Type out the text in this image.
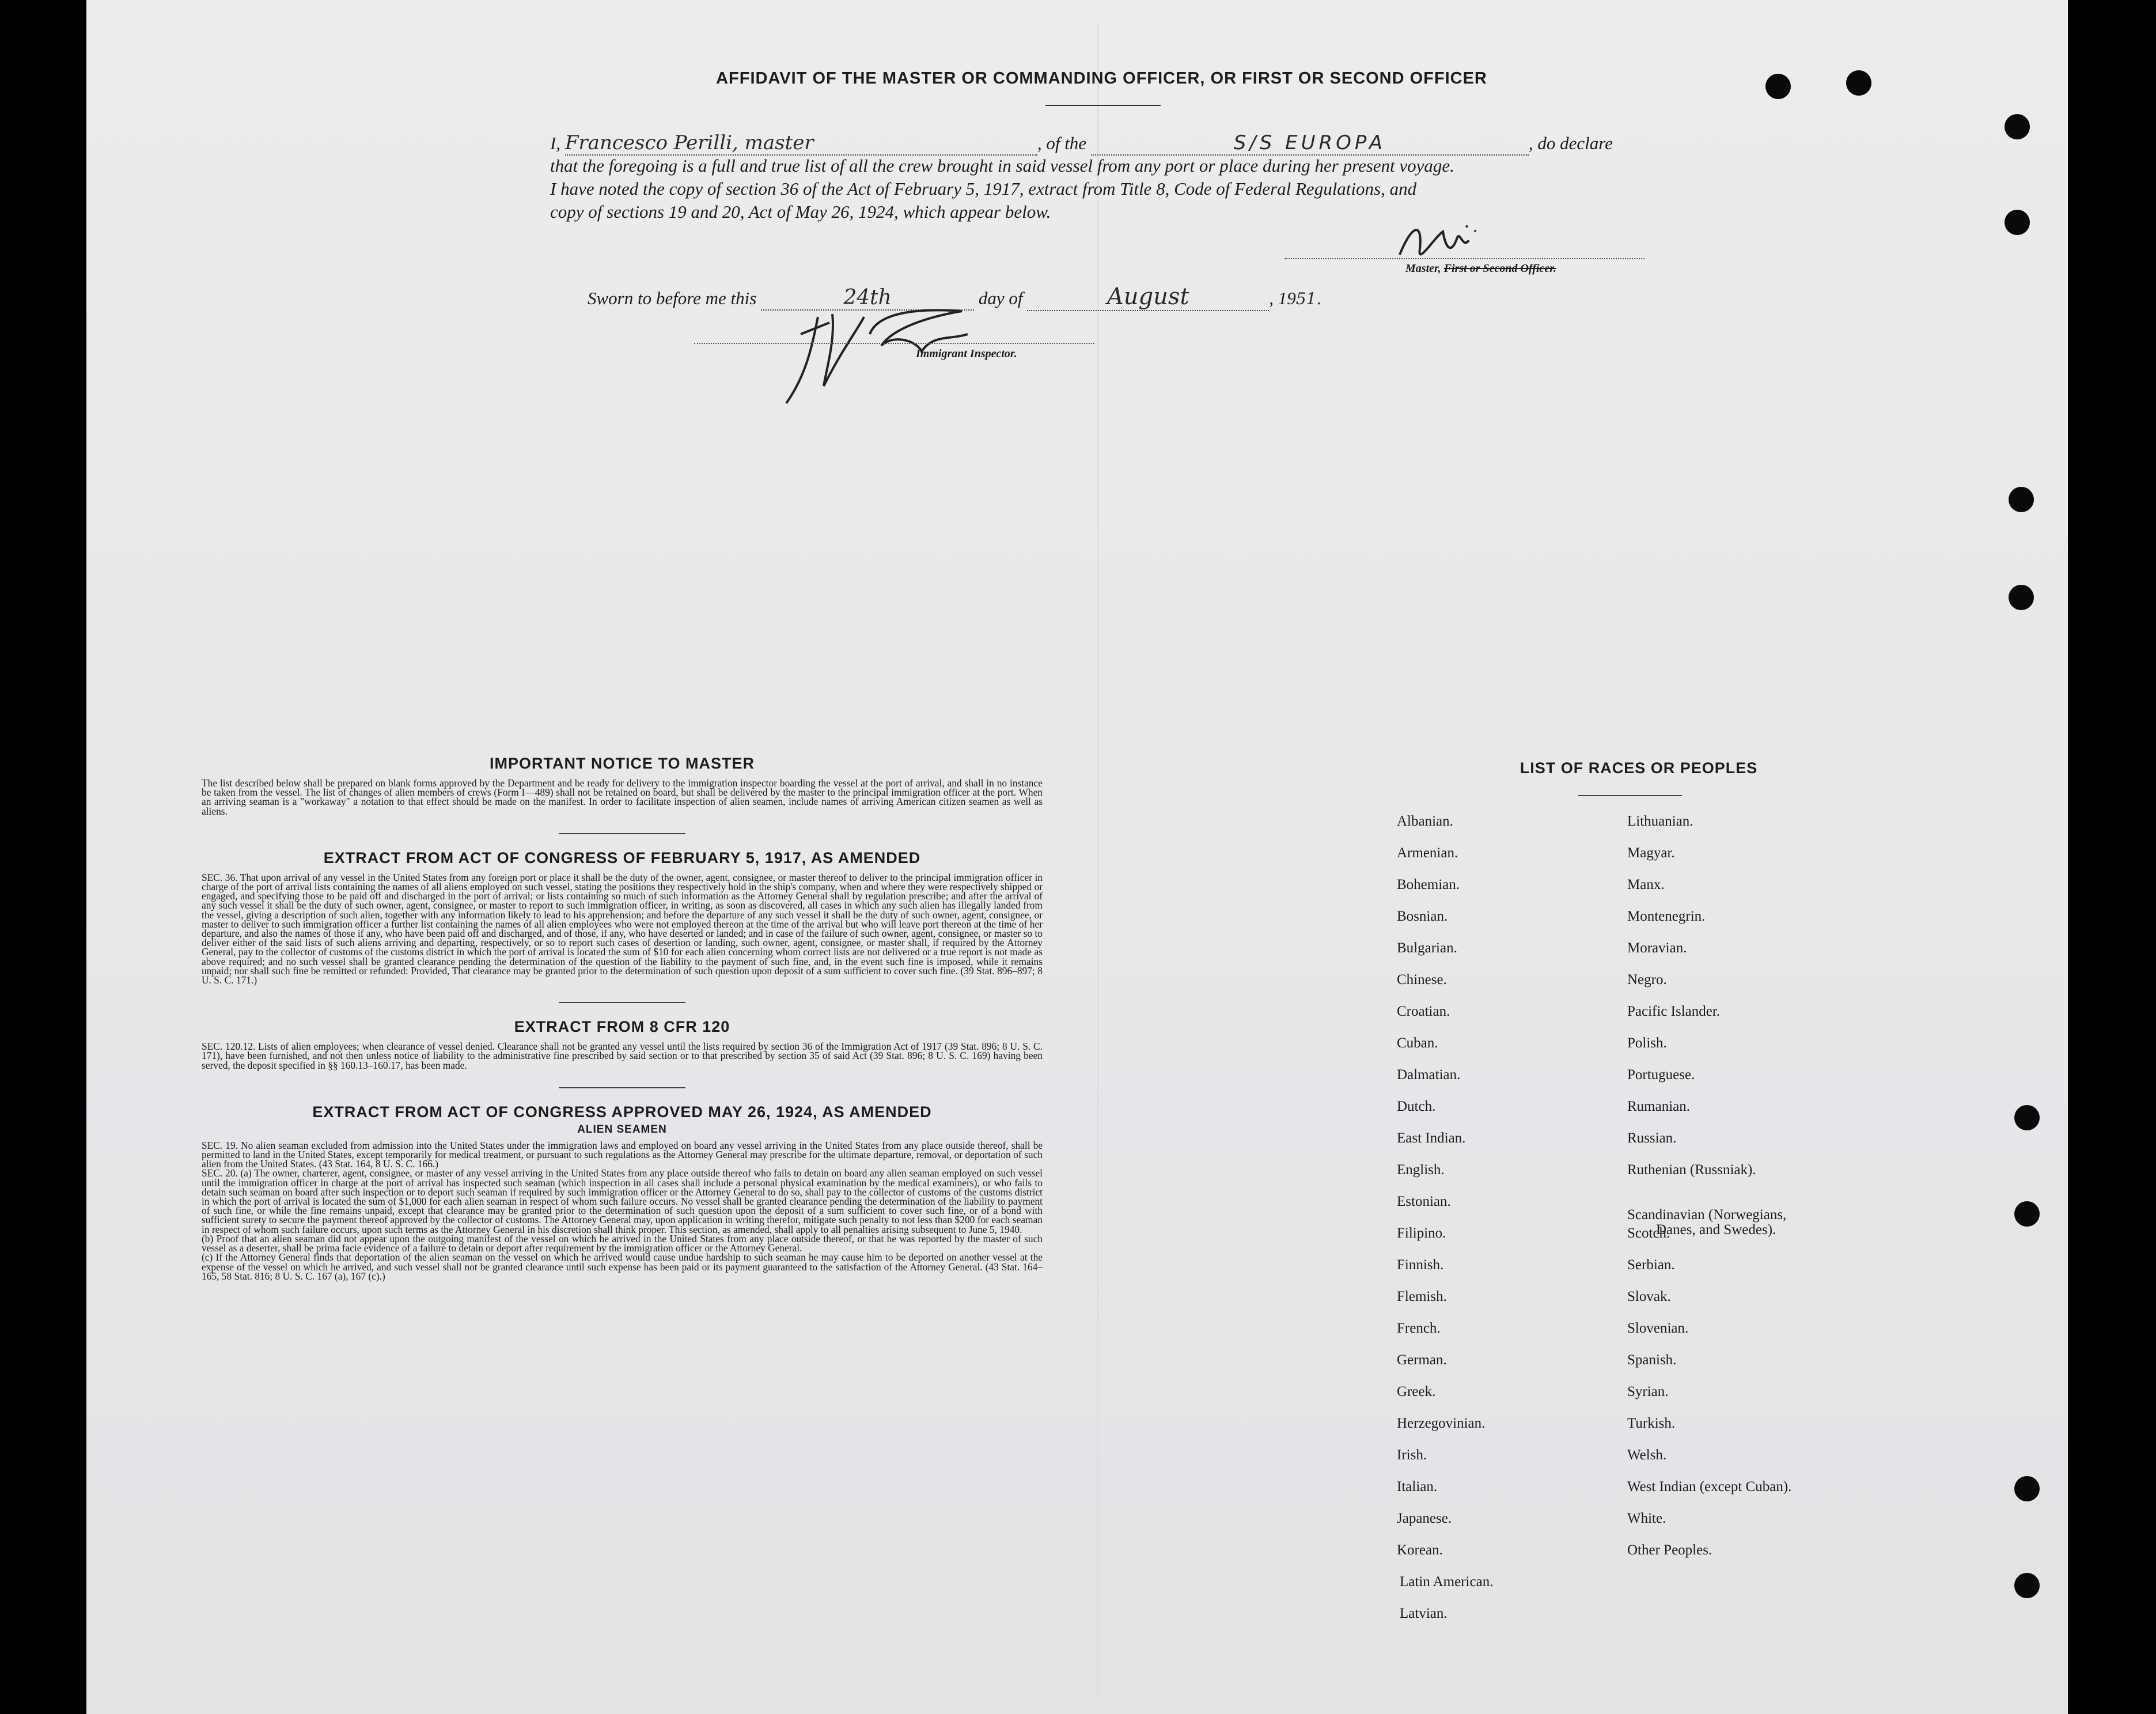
AFFIDAVIT OF THE MASTER OR COMMANDING OFFICER, OR FIRST OR SECOND OFFICER
I, Francesco Perilli, master	, of the	S/S EUROPA	, do declare
that the foregoing is a full and true list of all the crew brought in said vessel from any port or place during her present voyage.
I have noted the copy of section 36 of the Act of February 5, 1917, extract from Title 8, Code of Federal Regulations, and
copy of sections 19 and 20, Act of May 26, 1924, which appear below.
Master, First or Second Officer.
Sworn to before me this	24th	day of	August	, 1951.
Immigrant Inspector.
IMPORTANT NOTICE TO MASTER

The list described below shall be prepared on blank forms approved by the Department and be ready for delivery to the immigration inspector boarding the vessel at the port of arrival, and shall in no instance be taken from the vessel. The list of changes of alien members of crews (Form I—489) shall not be retained on board, but shall be delivered by the master to the principal immigration officer at the port. When an arriving seaman is a "workaway" a notation to that effect should be made on the manifest. In order to facilitate inspection of alien seamen, include names of arriving American citizen seamen as well as aliens.

EXTRACT FROM ACT OF CONGRESS OF FEBRUARY 5, 1917, AS AMENDED

SEC. 36. That upon arrival of any vessel in the United States from any foreign port or place it shall be the duty of the owner, agent, consignee, or master thereof to deliver to the principal immigration officer in charge of the port of arrival lists containing the names of all aliens employed on such vessel, stating the positions they respectively hold in the ship's company, when and where they were respectively shipped or engaged, and specifying those to be paid off and discharged in the port of arrival; or lists containing so much of such information as the Attorney General shall by regulation prescribe; and after the arrival of any such vessel it shall be the duty of such owner, agent, consignee, or master to report to such immigration officer, in writing, as soon as discovered, all cases in which any such alien has illegally landed from the vessel, giving a description of such alien, together with any information likely to lead to his apprehension; and before the departure of any such vessel it shall be the duty of such owner, agent, consignee, or master to deliver to such immigration officer a further list containing the names of all alien employees who were not employed thereon at the time of the arrival but who will leave port thereon at the time of her departure, and also the names of those if any, who have been paid off and discharged, and of those, if any, who have deserted or landed; and in case of the failure of such owner, agent, consignee, or master so to deliver either of the said lists of such aliens arriving and departing, respectively, or so to report such cases of desertion or landing, such owner, agent, consignee, or master shall, if required by the Attorney General, pay to the collector of customs of the customs district in which the port of arrival is located the sum of $10 for each alien concerning whom correct lists are not delivered or a true report is not made as above required; and no such vessel shall be granted clearance pending the determination of the question of the liability to the payment of such fine, and, in the event such fine is imposed, while it remains unpaid; nor shall such fine be remitted or refunded: Provided, That clearance may be granted prior to the determination of such question upon deposit of a sum sufficient to cover such fine. (39 Stat. 896–897; 8 U. S. C. 171.)

EXTRACT FROM 8 CFR 120

SEC. 120.12. Lists of alien employees; when clearance of vessel denied. Clearance shall not be granted any vessel until the lists required by section 36 of the Immigration Act of 1917 (39 Stat. 896; 8 U. S. C. 171), have been furnished, and not then unless notice of liability to the administrative fine prescribed by said section or to that prescribed by section 35 of said Act (39 Stat. 896; 8 U. S. C. 169) having been served, the deposit specified in §§ 160.13–160.17, has been made.

EXTRACT FROM ACT OF CONGRESS APPROVED MAY 26, 1924, AS AMENDED
ALIEN SEAMEN

SEC. 19. No alien seaman excluded from admission into the United States under the immigration laws and employed on board any vessel arriving in the United States from any place outside thereof, shall be permitted to land in the United States, except temporarily for medical treatment, or pursuant to such regulations as the Attorney General may prescribe for the ultimate departure, removal, or deportation of such alien from the United States. (43 Stat. 164, 8 U. S. C. 166.)

SEC. 20. (a) The owner, charterer, agent, consignee, or master of any vessel arriving in the United States from any place outside thereof who fails to detain on board any alien seaman employed on such vessel until the immigration officer in charge at the port of arrival has inspected such seaman (which inspection in all cases shall include a personal physical examination by the medical examiners), or who fails to detain such seaman on board after such inspection or to deport such seaman if required by such immigration officer or the Attorney General to do so, shall pay to the collector of customs of the customs district in which the port of arrival is located the sum of $1,000 for each alien seaman in respect of whom such failure occurs. No vessel shall be granted clearance pending the determination of the liability to payment of such fine, or while the fine remains unpaid, except that clearance may be granted prior to the determination of such question upon the deposit of a sum sufficient to cover such fine, or of a bond with sufficient surety to secure the payment thereof approved by the collector of customs. The Attorney General may, upon application in writing therefor, mitigate such penalty to not less than $200 for each seaman in respect of whom such failure occurs, upon such terms as the Attorney General in his discretion shall think proper. This section, as amended, shall apply to all penalties arising subsequent to June 5, 1940.

(b) Proof that an alien seaman did not appear upon the outgoing manifest of the vessel on which he arrived in the United States from any place outside thereof, or that he was reported by the master of such vessel as a deserter, shall be prima facie evidence of a failure to detain or deport after requirement by the immigration officer or the Attorney General.

(c) If the Attorney General finds that deportation of the alien seaman on the vessel on which he arrived would cause undue hardship to such seaman he may cause him to be deported on another vessel at the expense of the vessel on which he arrived, and such vessel shall not be granted clearance until such expense has been paid or its payment guaranteed to the satisfaction of the Attorney General. (43 Stat. 164–165, 58 Stat. 816; 8 U. S. C. 167 (a), 167 (c).)

LIST OF RACES OR PEOPLES
Albanian.
Armenian.
Bohemian.
Bosnian.
Bulgarian.
Chinese.
Croatian.
Cuban.
Dalmatian.
Dutch.
East Indian.
English.
Estonian.
Filipino.
Finnish.
Flemish.
French.
German.
Greek.
Herzegovinian.
Irish.
Italian.
Japanese.
Korean.
Latin American.
Latvian.
Lithuanian.
Magyar.
Manx.
Montenegrin.
Moravian.
Negro.
Pacific Islander.
Polish.
Portuguese.
Rumanian.
Russian.
Ruthenian (Russniak).
Scandinavian (Norwegians,
Danes, and Swedes).
Scotch.
Serbian.
Slovak.
Slovenian.
Spanish.
Syrian.
Turkish.
Welsh.
West Indian (except Cuban).
White.
Other Peoples.
